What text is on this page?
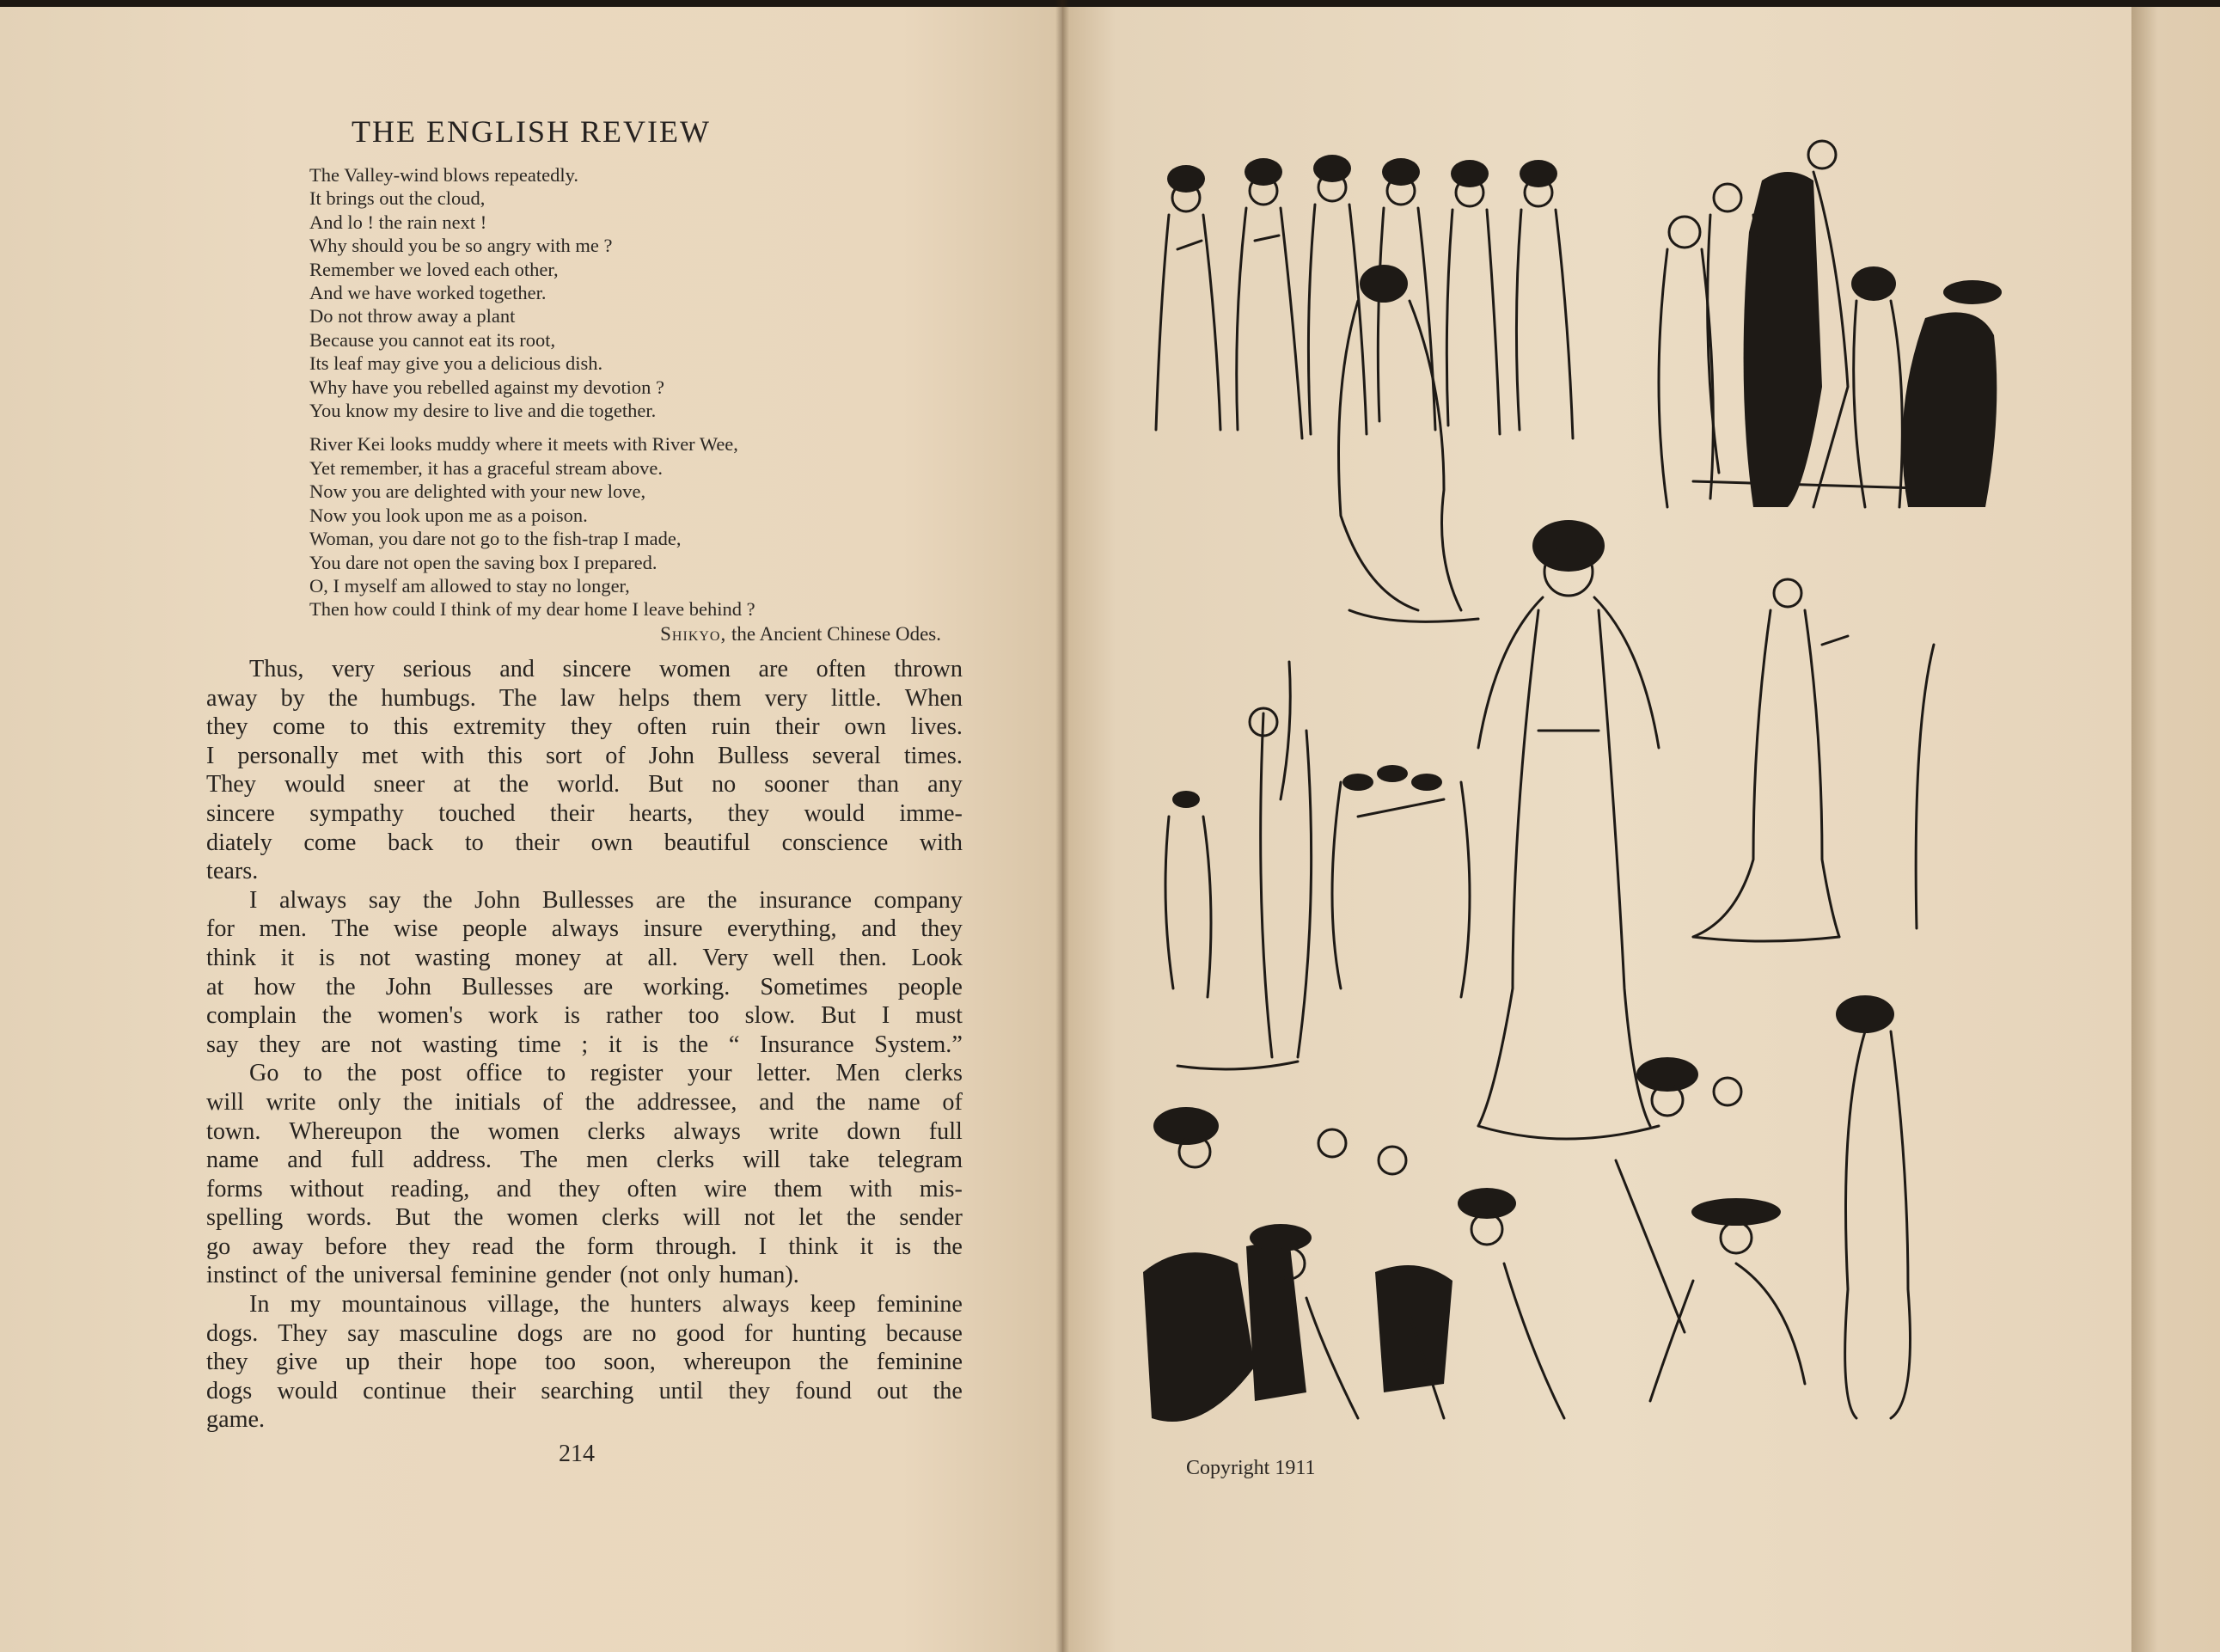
THE ENGLISH REVIEW
The Valley-wind blows repeatedly.
It brings out the cloud,
And lo ! the rain next !
Why should you be so angry with me ?
Remember we loved each other,
And we have worked together.
Do not throw away a plant
Because you cannot eat its root,
Its leaf may give you a delicious dish.
Why have you rebelled against my devotion ?
You know my desire to live and die together.
River Kei looks muddy where it meets with River Wee,
Yet remember, it has a graceful stream above.
Now you are delighted with your new love,
Now you look upon me as a poison.
Woman, you dare not go to the fish-trap I made,
You dare not open the saving box I prepared.
O, I myself am allowed to stay no longer,
Then how could I think of my dear home I leave behind ?
Shikyo, the Ancient Chinese Odes.
Thus, very serious and sincere women are often thrown
away by the humbugs. The law helps them very little. When
they come to this extremity they often ruin their own lives.
I personally met with this sort of John Bulless several times.
They would sneer at the world. But no sooner than any
sincere sympathy touched their hearts, they would imme-
diately come back to their own beautiful conscience with
tears.
I always say the John Bullesses are the insurance company
for men. The wise people always insure everything, and they
think it is not wasting money at all. Very well then. Look
at how the John Bullesses are working. Sometimes people
complain the women's work is rather too slow. But I must
say they are not wasting time ; it is the “ Insurance System.”
Go to the post office to register your letter. Men clerks
will write only the initials of the addressee, and the name of
town. Whereupon the women clerks always write down full
name and full address. The men clerks will take telegram
forms without reading, and they often wire them with mis-
spelling words. But the women clerks will not let the sender
go away before they read the form through. I think it is the
instinct of the universal feminine gender (not only human).
In my mountainous village, the hunters always keep feminine
dogs. They say masculine dogs are no good for hunting because
they give up their hope too soon, whereupon the feminine
dogs would continue their searching until they found out the
game.
214
Copyright 1911
